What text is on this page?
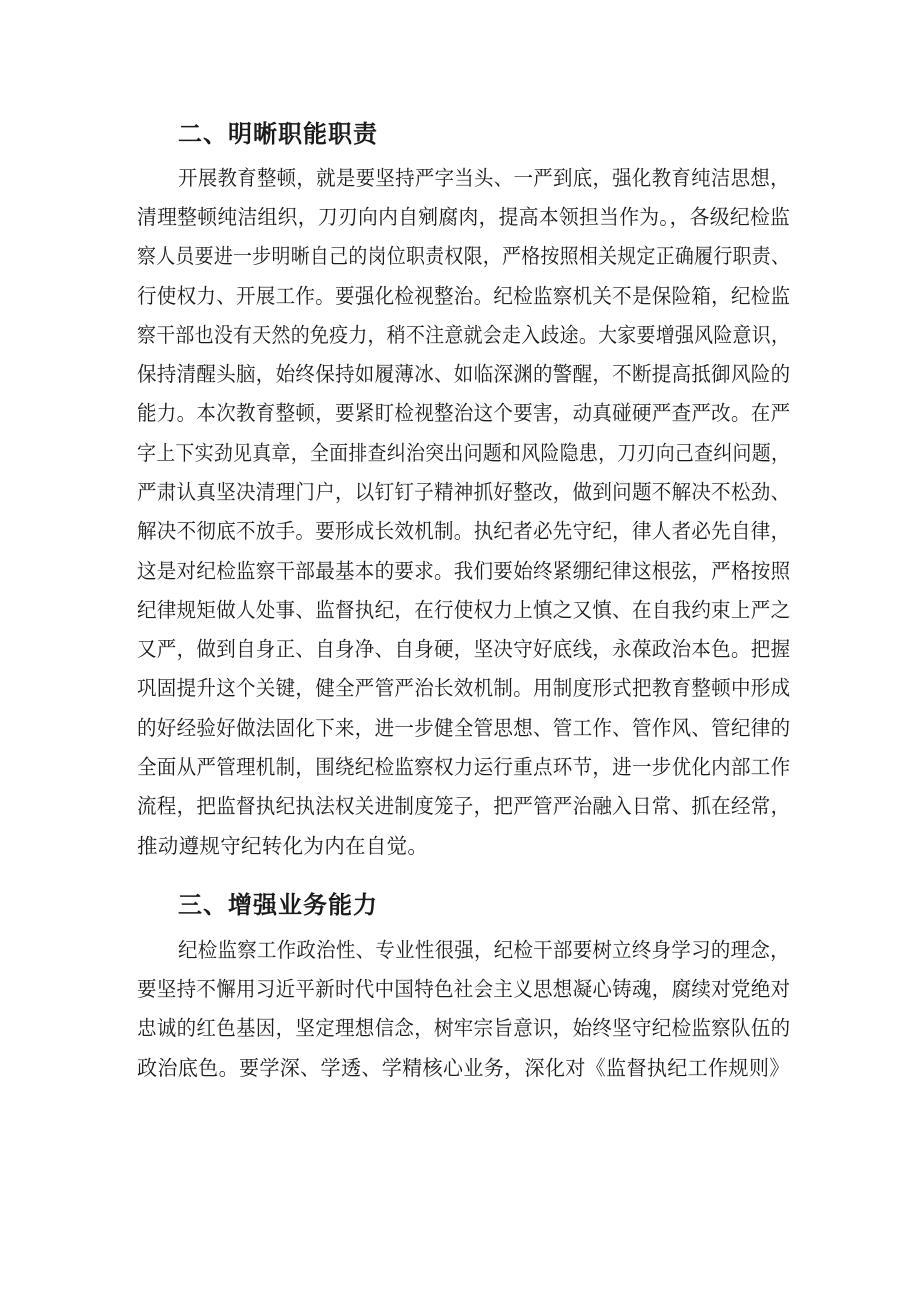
二、明晰职能职责
开展教育整顿，就是要坚持严字当头、一严到底，强化教育纯洁思想，
清理整顿纯洁组织，刀刃向内自剜腐肉，提高本领担当作为。，各级纪检监
察人员要进一步明晰自己的岗位职责权限，严格按照相关规定正确履行职责、
行使权力、开展工作。要强化检视整治。纪检监察机关不是保险箱，纪检监
察干部也没有天然的免疫力，稍不注意就会走入歧途。大家要增强风险意识，
保持清醒头脑，始终保持如履薄冰、如临深渊的警醒，不断提高抵御风险的
能力。本次教育整顿，要紧盯检视整治这个要害，动真碰硬严查严改。在严
字上下实劲见真章，全面排查纠治突出问题和风险隐患，刀刃向己查纠问题，
严肃认真坚决清理门户，以钉钉子精神抓好整改，做到问题不解决不松劲、
解决不彻底不放手。要形成长效机制。执纪者必先守纪，律人者必先自律，
这是对纪检监察干部最基本的要求。我们要始终紧绷纪律这根弦，严格按照
纪律规矩做人处事、监督执纪，在行使权力上慎之又慎、在自我约束上严之
又严，做到自身正、自身净、自身硬，坚决守好底线，永葆政治本色。把握
巩固提升这个关键，健全严管严治长效机制。用制度形式把教育整顿中形成
的好经验好做法固化下来，进一步健全管思想、管工作、管作风、管纪律的
全面从严管理机制，围绕纪检监察权力运行重点环节，进一步优化内部工作
流程，把监督执纪执法权关进制度笼子，把严管严治融入日常、抓在经常，
推动遵规守纪转化为内在自觉。
三、增强业务能力
纪检监察工作政治性、专业性很强，纪检干部要树立终身学习的理念，
要坚持不懈用习近平新时代中国特色社会主义思想凝心铸魂，腐续对党绝对
忠诚的红色基因，坚定理想信念，树牢宗旨意识，始终坚守纪检监察队伍的
政治底色。要学深、学透、学精核心业务，深化对《监督执纪工作规则》
